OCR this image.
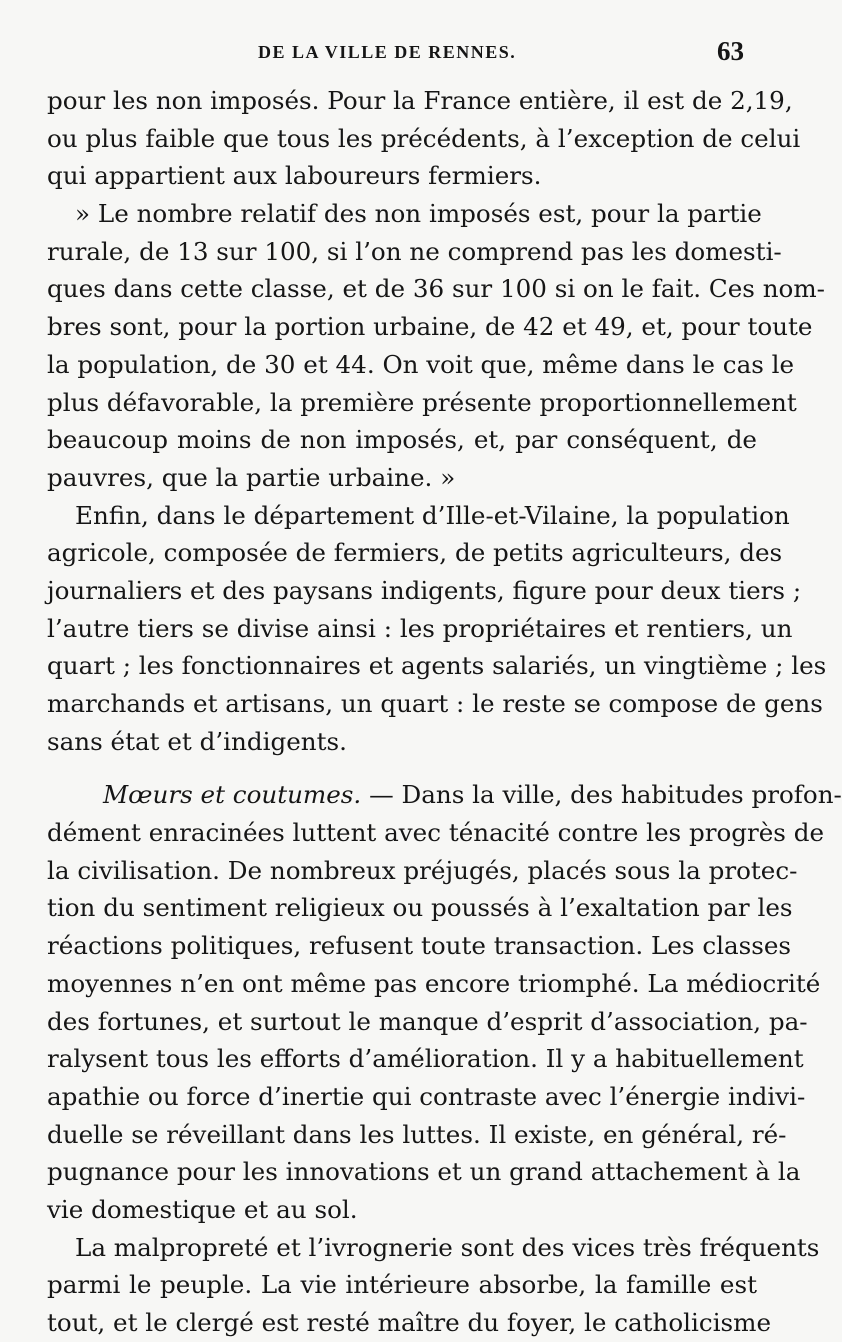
DE LA VILLE DE RENNES.	63
pour les non imposés. Pour la France entière, il est de 2,19,
ou plus faible que tous les précédents, à l’exception de celui
qui appartient aux laboureurs fermiers.
» Le nombre relatif des non imposés est, pour la partie
rurale, de 13 sur 100, si l’on ne comprend pas les domesti-
ques dans cette classe, et de 36 sur 100 si on le fait. Ces nom-
bres sont, pour la portion urbaine, de 42 et 49, et, pour toute
la population, de 30 et 44. On voit que, même dans le cas le
plus défavorable, la première présente proportionnellement
beaucoup moins de non imposés, et, par conséquent, de
pauvres, que la partie urbaine. »
Enfin, dans le département d’Ille-et-Vilaine, la population
agricole, composée de fermiers, de petits agriculteurs, des
journaliers et des paysans indigents, figure pour deux tiers ;
l’autre tiers se divise ainsi : les propriétaires et rentiers, un
quart ; les fonctionnaires et agents salariés, un vingtième ; les
marchands et artisans, un quart : le reste se compose de gens
sans état et d’indigents.
Mœurs et coutumes. — Dans la ville, des habitudes profon-
dément enracinées luttent avec ténacité contre les progrès de
la civilisation. De nombreux préjugés, placés sous la protec-
tion du sentiment religieux ou poussés à l’exaltation par les
réactions politiques, refusent toute transaction. Les classes
moyennes n’en ont même pas encore triomphé. La médiocrité
des fortunes, et surtout le manque d’esprit d’association, pa-
ralysent tous les efforts d’amélioration. Il y a habituellement
apathie ou force d’inertie qui contraste avec l’énergie indivi-
duelle se réveillant dans les luttes. Il existe, en général, ré-
pugnance pour les innovations et un grand attachement à la
vie domestique et au sol.
La malpropreté et l’ivrognerie sont des vices très fréquents
parmi le peuple. La vie intérieure absorbe, la famille est
tout, et le clergé est resté maître du foyer, le catholicisme
